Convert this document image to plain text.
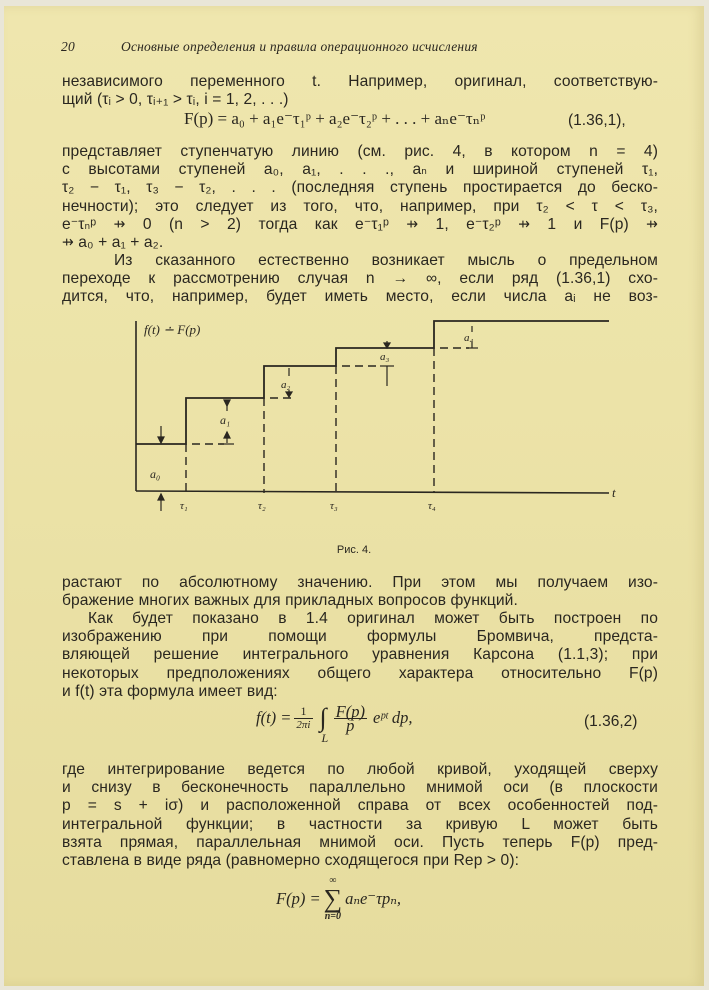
20	Основные определения и правила операционного исчисления
независимого переменного t. Например, оригинал, соответствую-
щий (τᵢ > 0, τᵢ₊₁ > τᵢ, i = 1, 2, . . .)
F(p) = a₀ + a₁e⁻τ₁ᵖ + a₂e⁻τ₂ᵖ + . . . + aₙe⁻τₙᵖ	(1.36,1),
представляет ступенчатую линию (см. рис. 4, в котором n = 4)
с высотами ступеней a₀, a₁, . . ., aₙ и шириной ступеней τ₁,
τ₂ − τ₁, τ₃ − τ₂, . . . (последняя ступень простирается до беско-
нечности); это следует из того, что, например, при τ₂ < τ < τ₃,
e⁻τₙᵖ ⇸ 0 (n > 2) тогда как e⁻τ₁ᵖ ⇸ 1, e⁻τ₂ᵖ ⇸ 1 и F(p) ⇸
⇸ a₀ + a₁ + a₂.
Из сказанного естественно возникает мысль о предельном
переходе к рассмотрению случая n → ∞, если ряд (1.36,1) схо-
дится, что, например, будет иметь место, если числа aᵢ не воз-
f(t) ∸ F(p)
t
a₀
a₁
a₂
a₃
a₄
τ₁	τ₂	τ₃	τ₄
Рис. 4.
растают по абсолютному значению. При этом мы получаем изо-
бражение многих важных для прикладных вопросов функций.
Как будет показано в 1.4 оригинал может быть построен по
изображению при помощи формулы Бромвича, предста-
вляющей решение интегрального уравнения Карсона (1.1,3); при
некоторых предположениях общего характера относительно F(p)
и f(t) эта формула имеет вид:
$f(t) = \frac{1}{2\pi i}$ ∫
L
$\frac{F(p)}{p}$ eᵖᵗ dp,	(1.36,2)
где интегрирование ведется по любой кривой, уходящей сверху
и снизу в бесконечность параллельно мнимой оси (в плоскости
p = s + iσ) и расположенной справа от всех особенностей под-
интегральной функции; в частности за кривую L может быть
взята прямая, параллельная мнимой оси. Пусть теперь F(p) пред-
ставлена в виде ряда (равномерно сходящегося при Rep > 0):
F(p) =
∞
∑
n=0
aₙe⁻τpₙ,
